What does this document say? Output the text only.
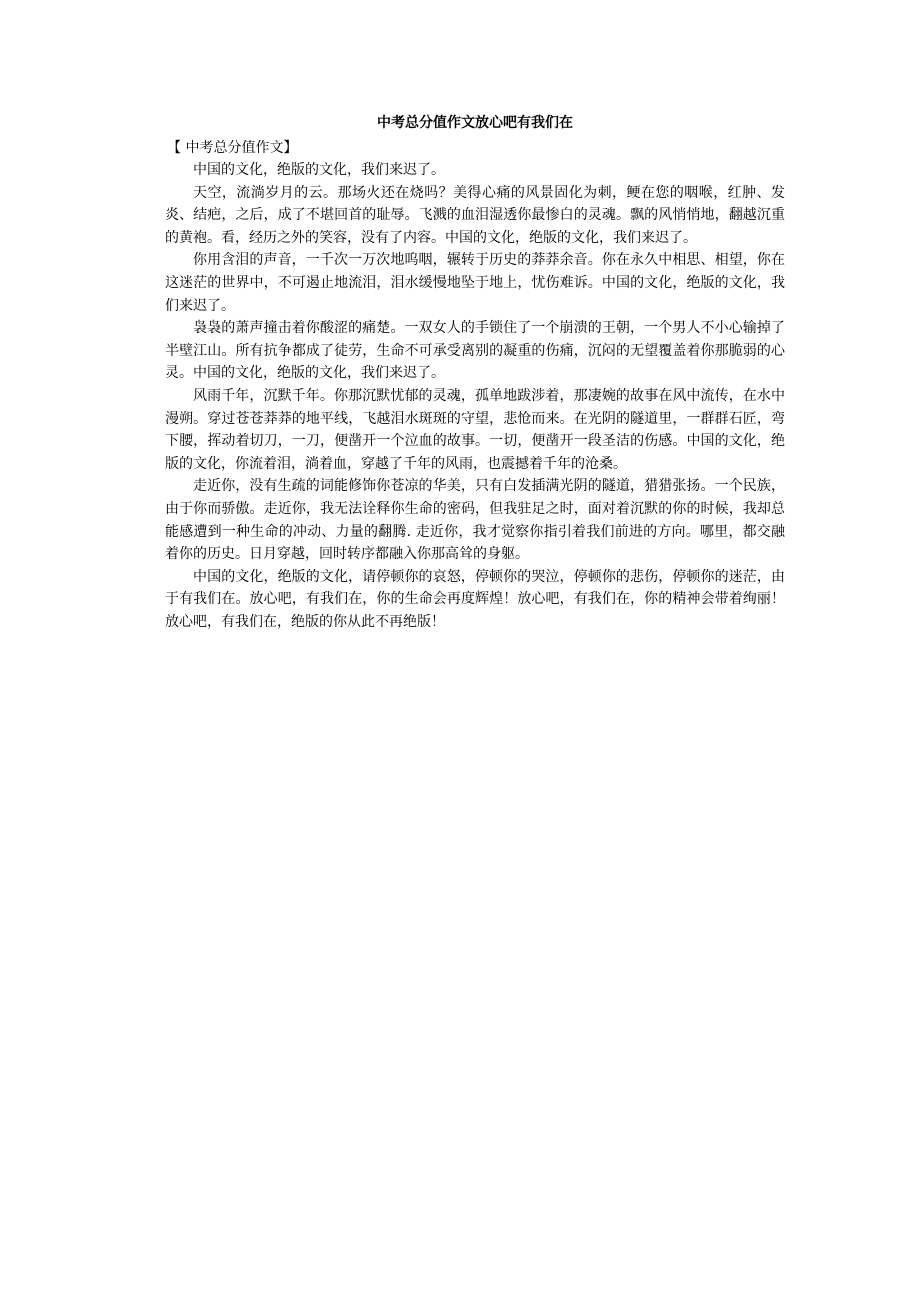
中考总分值作文放心吧有我们在

【 中考总分值作文】

中国的文化，绝版的文化，我们来迟了。

天空，流淌岁月的云。那场火还在烧吗？美得心痛的风景固化为刺，鲠在您的咽喉，红肿、发炎、结疤，之后，成了不堪回首的耻辱。飞溅的血泪湿透你最惨白的灵魂。飘的风悄悄地，翻越沉重的黄袍。看，经历之外的笑容，没有了内容。中国的文化，绝版的文化，我们来迟了。

你用含泪的声音，一千次一万次地呜咽，辗转于历史的莽莽余音。你在永久中相思、相望，你在这迷茫的世界中，不可遏止地流泪，泪水缓慢地坠于地上，忧伤难诉。中国的文化，绝版的文化，我们来迟了。

袅袅的萧声撞击着你酸涩的痛楚。一双女人的手锁住了一个崩溃的王朝，一个男人不小心输掉了半壁江山。所有抗争都成了徒劳，生命不可承受离别的凝重的伤痛，沉闷的无望覆盖着你那脆弱的心灵。中国的文化，绝版的文化，我们来迟了。

风雨千年，沉默千年。你那沉默忧郁的灵魂，孤单地跋涉着，那凄婉的故事在风中流传，在水中漫朔。穿过苍苍莽莽的地平线，飞越泪水斑斑的守望，悲怆而来。在光阴的隧道里，一群群石匠，弯下腰，挥动着切刀，一刀，便凿开一个泣血的故事。一切，便凿开一段圣洁的伤感。中国的文化，绝版的文化，你流着泪，淌着血，穿越了千年的风雨，也震撼着千年的沧桑。

走近你，没有生疏的词能修饰你苍凉的华美，只有白发插满光阴的隧道，猎猎张扬。一个民族，由于你而骄傲。走近你，我无法诠释你生命的密码，但我驻足之时，面对着沉默的你的时候，我却总能感遭到一种生命的冲动、力量的翻腾. 走近你，我才觉察你指引着我们前进的方向。哪里，都交融着你的历史。日月穿越，回时转序都融入你那高耸的身躯。

中国的文化，绝版的文化，请停顿你的哀怒，停顿你的哭泣，停顿你的悲伤，停顿你的迷茫，由于有我们在。放心吧，有我们在，你的生命会再度辉煌！放心吧，有我们在，你的精神会带着绚丽！放心吧，有我们在，绝版的你从此不再绝版！
